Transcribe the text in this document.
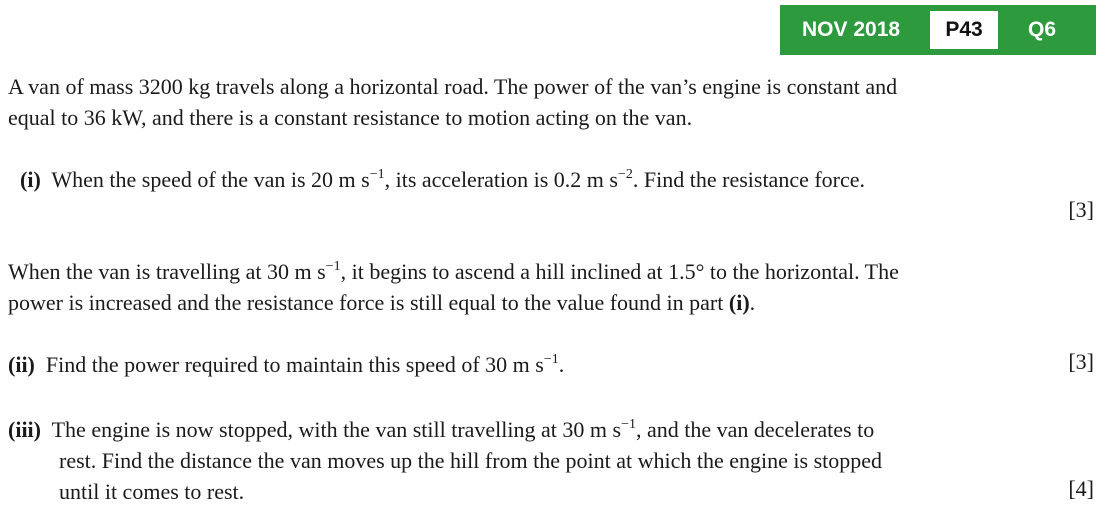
NOV 2018	P43	Q6
A van of mass 3200 kg travels along a horizontal road. The power of the van’s engine is constant and
equal to 36 kW, and there is a constant resistance to motion acting on the van.
(i) When the speed of the van is 20 m $s^{-1}$, its acceleration is 0.2 m $s^{-2}$. Find the resistance force.
[3]
When the van is travelling at 30 m $s^{-1}$, it begins to ascend a hill inclined at 1.5° to the horizontal. The
power is increased and the resistance force is still equal to the value found in part (i).
(ii) Find the power required to maintain this speed of 30 m $s^{-1}$.	[3]
(iii) The engine is now stopped, with the van still travelling at 30 m $s^{-1}$, and the van decelerates to
rest. Find the distance the van moves up the hill from the point at which the engine is stopped
until it comes to rest.	[4]
